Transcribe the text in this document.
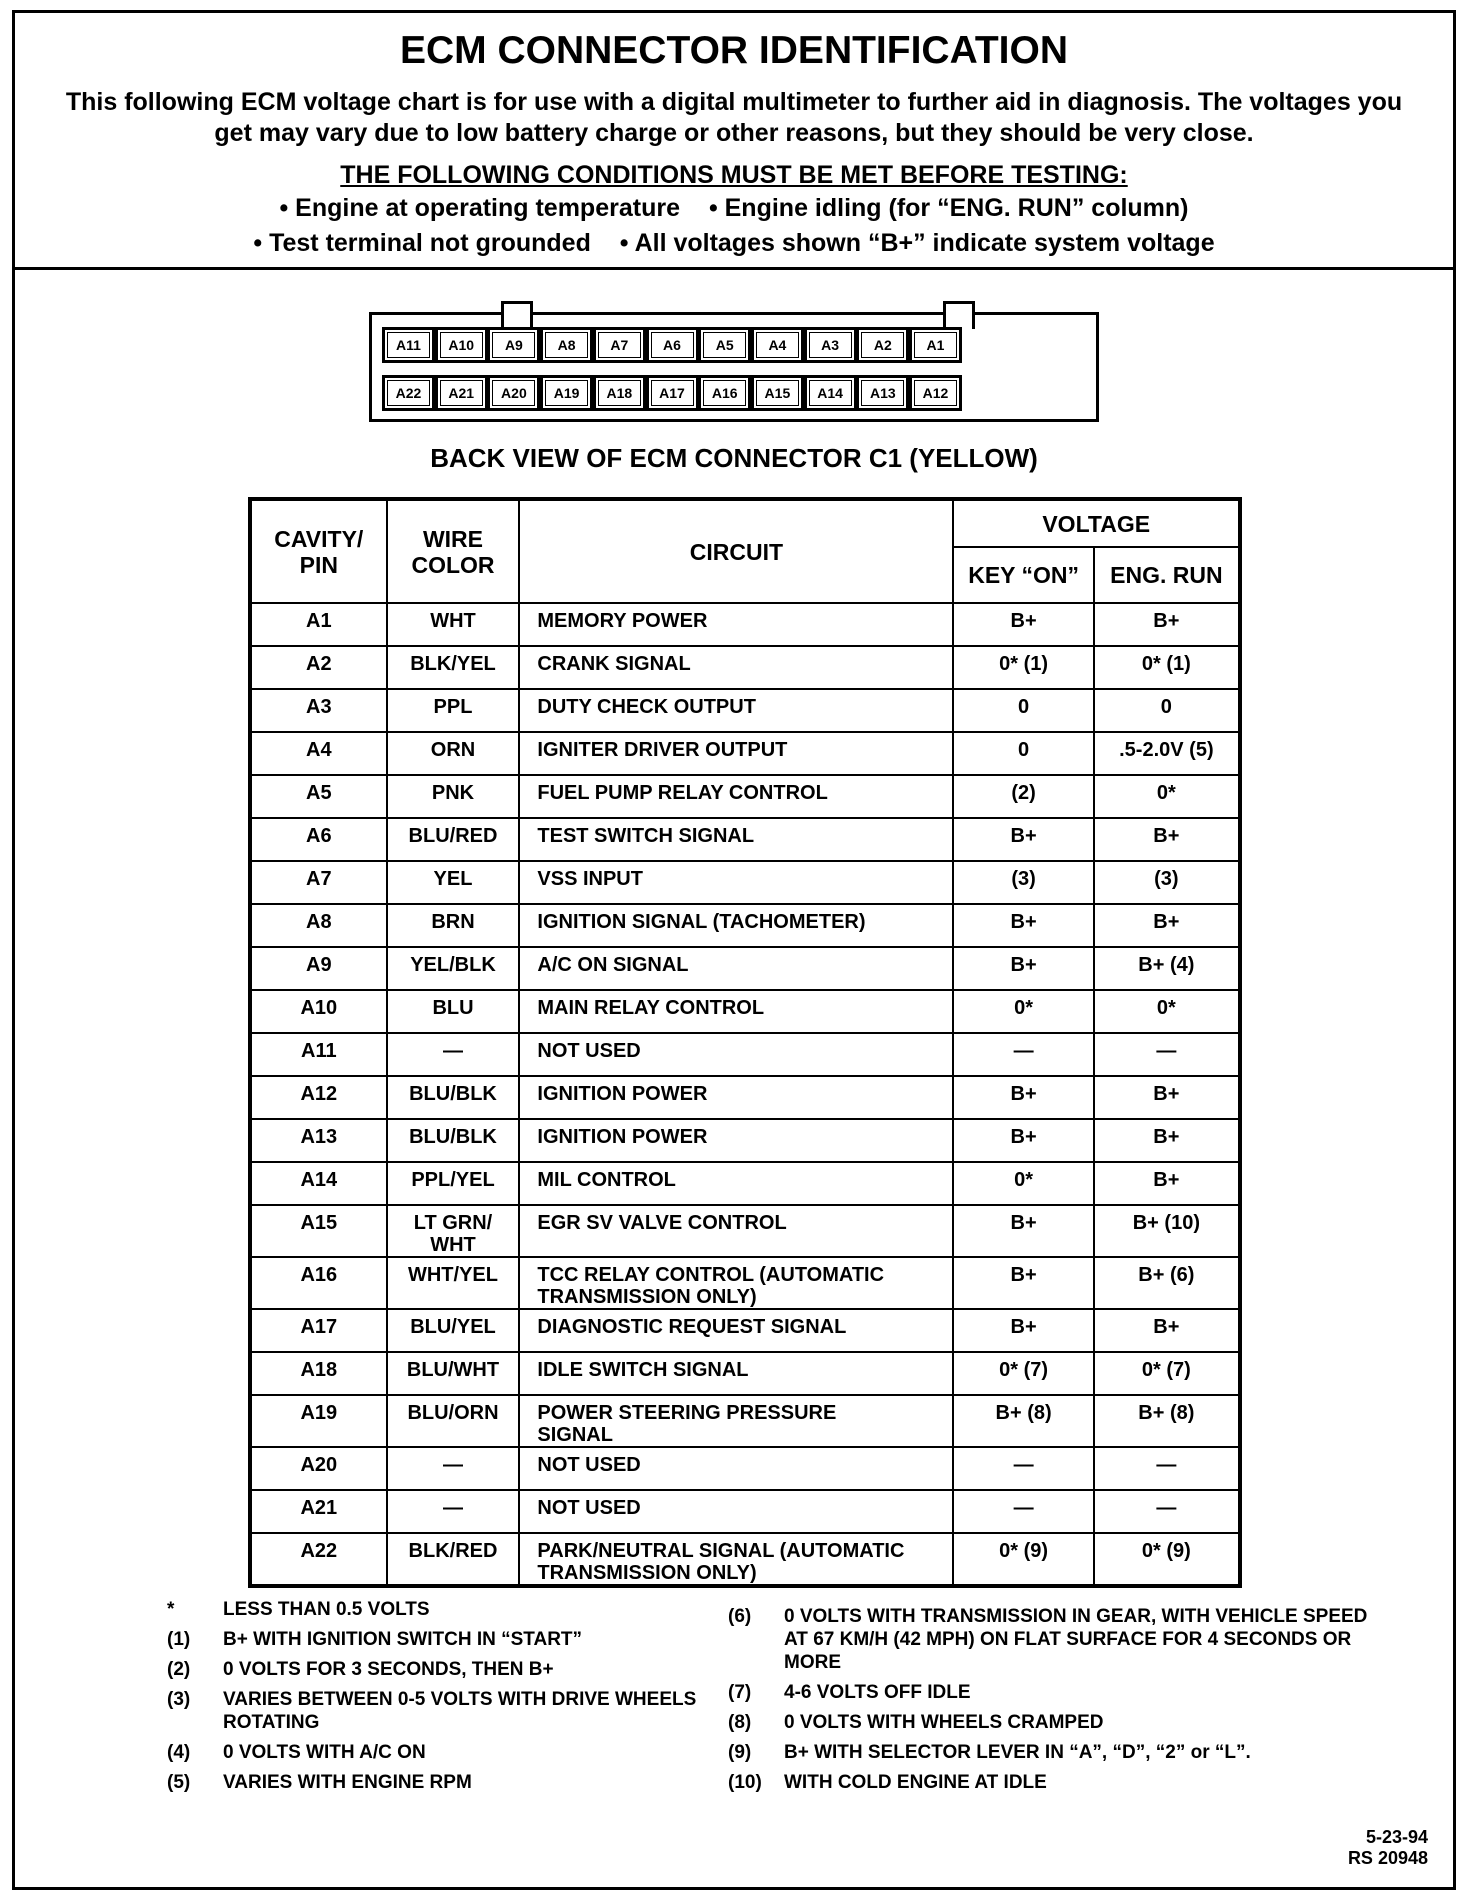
ECM CONNECTOR IDENTIFICATION
This following ECM voltage chart is for use with a digital multimeter to further aid in diagnosis. The voltages you get may vary due to low battery charge or other reasons, but they should be very close.
THE FOLLOWING CONDITIONS MUST BE MET BEFORE TESTING:
• Engine at operating temperature • Engine idling (for “ENG. RUN” column)
• Test terminal not grounded • All voltages shown “B+” indicate system voltage
A11	A10	A9	A8	A7	A6	A5	A4	A3	A2	A1
A22	A21	A20	A19	A18	A17	A16	A15	A14	A13	A12
BACK VIEW OF ECM CONNECTOR C1 (YELLOW)
CAVITY/ PIN	WIRE COLOR	CIRCUIT	VOLTAGE	
			KEY “ON”	ENG. RUN
A1	WHT	MEMORY POWER	B+	B+
A2	BLK/YEL	CRANK SIGNAL	0* (1)	0* (1)
A3	PPL	DUTY CHECK OUTPUT	0	0
A4	ORN	IGNITER DRIVER OUTPUT	0	.5-2.0V (5)
A5	PNK	FUEL PUMP RELAY CONTROL	(2)	0*
A6	BLU/RED	TEST SWITCH SIGNAL	B+	B+
A7	YEL	VSS INPUT	(3)	(3)
A8	BRN	IGNITION SIGNAL (TACHOMETER)	B+	B+
A9	YEL/BLK	A/C ON SIGNAL	B+	B+ (4)
A10	BLU	MAIN RELAY CONTROL	0*	0*
A11	—	NOT USED	—	—
A12	BLU/BLK	IGNITION POWER	B+	B+
A13	BLU/BLK	IGNITION POWER	B+	B+
A14	PPL/YEL	MIL CONTROL	0*	B+
A15	LT GRN/ WHT	EGR SV VALVE CONTROL	B+	B+ (10)
A16	WHT/YEL	TCC RELAY CONTROL (AUTOMATIC TRANSMISSION ONLY)	B+	B+ (6)
A17	BLU/YEL	DIAGNOSTIC REQUEST SIGNAL	B+	B+
A18	BLU/WHT	IDLE SWITCH SIGNAL	0* (7)	0* (7)
A19	BLU/ORN	POWER STEERING PRESSURE SIGNAL	B+ (8)	B+ (8)
A20	—	NOT USED	—	—
A21	—	NOT USED	—	—
A22	BLK/RED	PARK/NEUTRAL SIGNAL (AUTOMATIC TRANSMISSION ONLY)	0* (9)	0* (9)
*	LESS THAN 0.5 VOLTS
(1)	B+ WITH IGNITION SWITCH IN “START”
(2)	0 VOLTS FOR 3 SECONDS, THEN B+
(3)	VARIES BETWEEN 0-5 VOLTS WITH DRIVE WHEELS ROTATING
(4)	0 VOLTS WITH A/C ON
(5)	VARIES WITH ENGINE RPM
(6)	0 VOLTS WITH TRANSMISSION IN GEAR, WITH VEHICLE SPEED AT 67 KM/H (42 MPH) ON FLAT SURFACE FOR 4 SECONDS OR MORE
(7)	4-6 VOLTS OFF IDLE
(8)	0 VOLTS WITH WHEELS CRAMPED
(9)	B+ WITH SELECTOR LEVER IN “A”, “D”, “2” or “L”.
(10)	WITH COLD ENGINE AT IDLE
5-23-94
RS 20948
